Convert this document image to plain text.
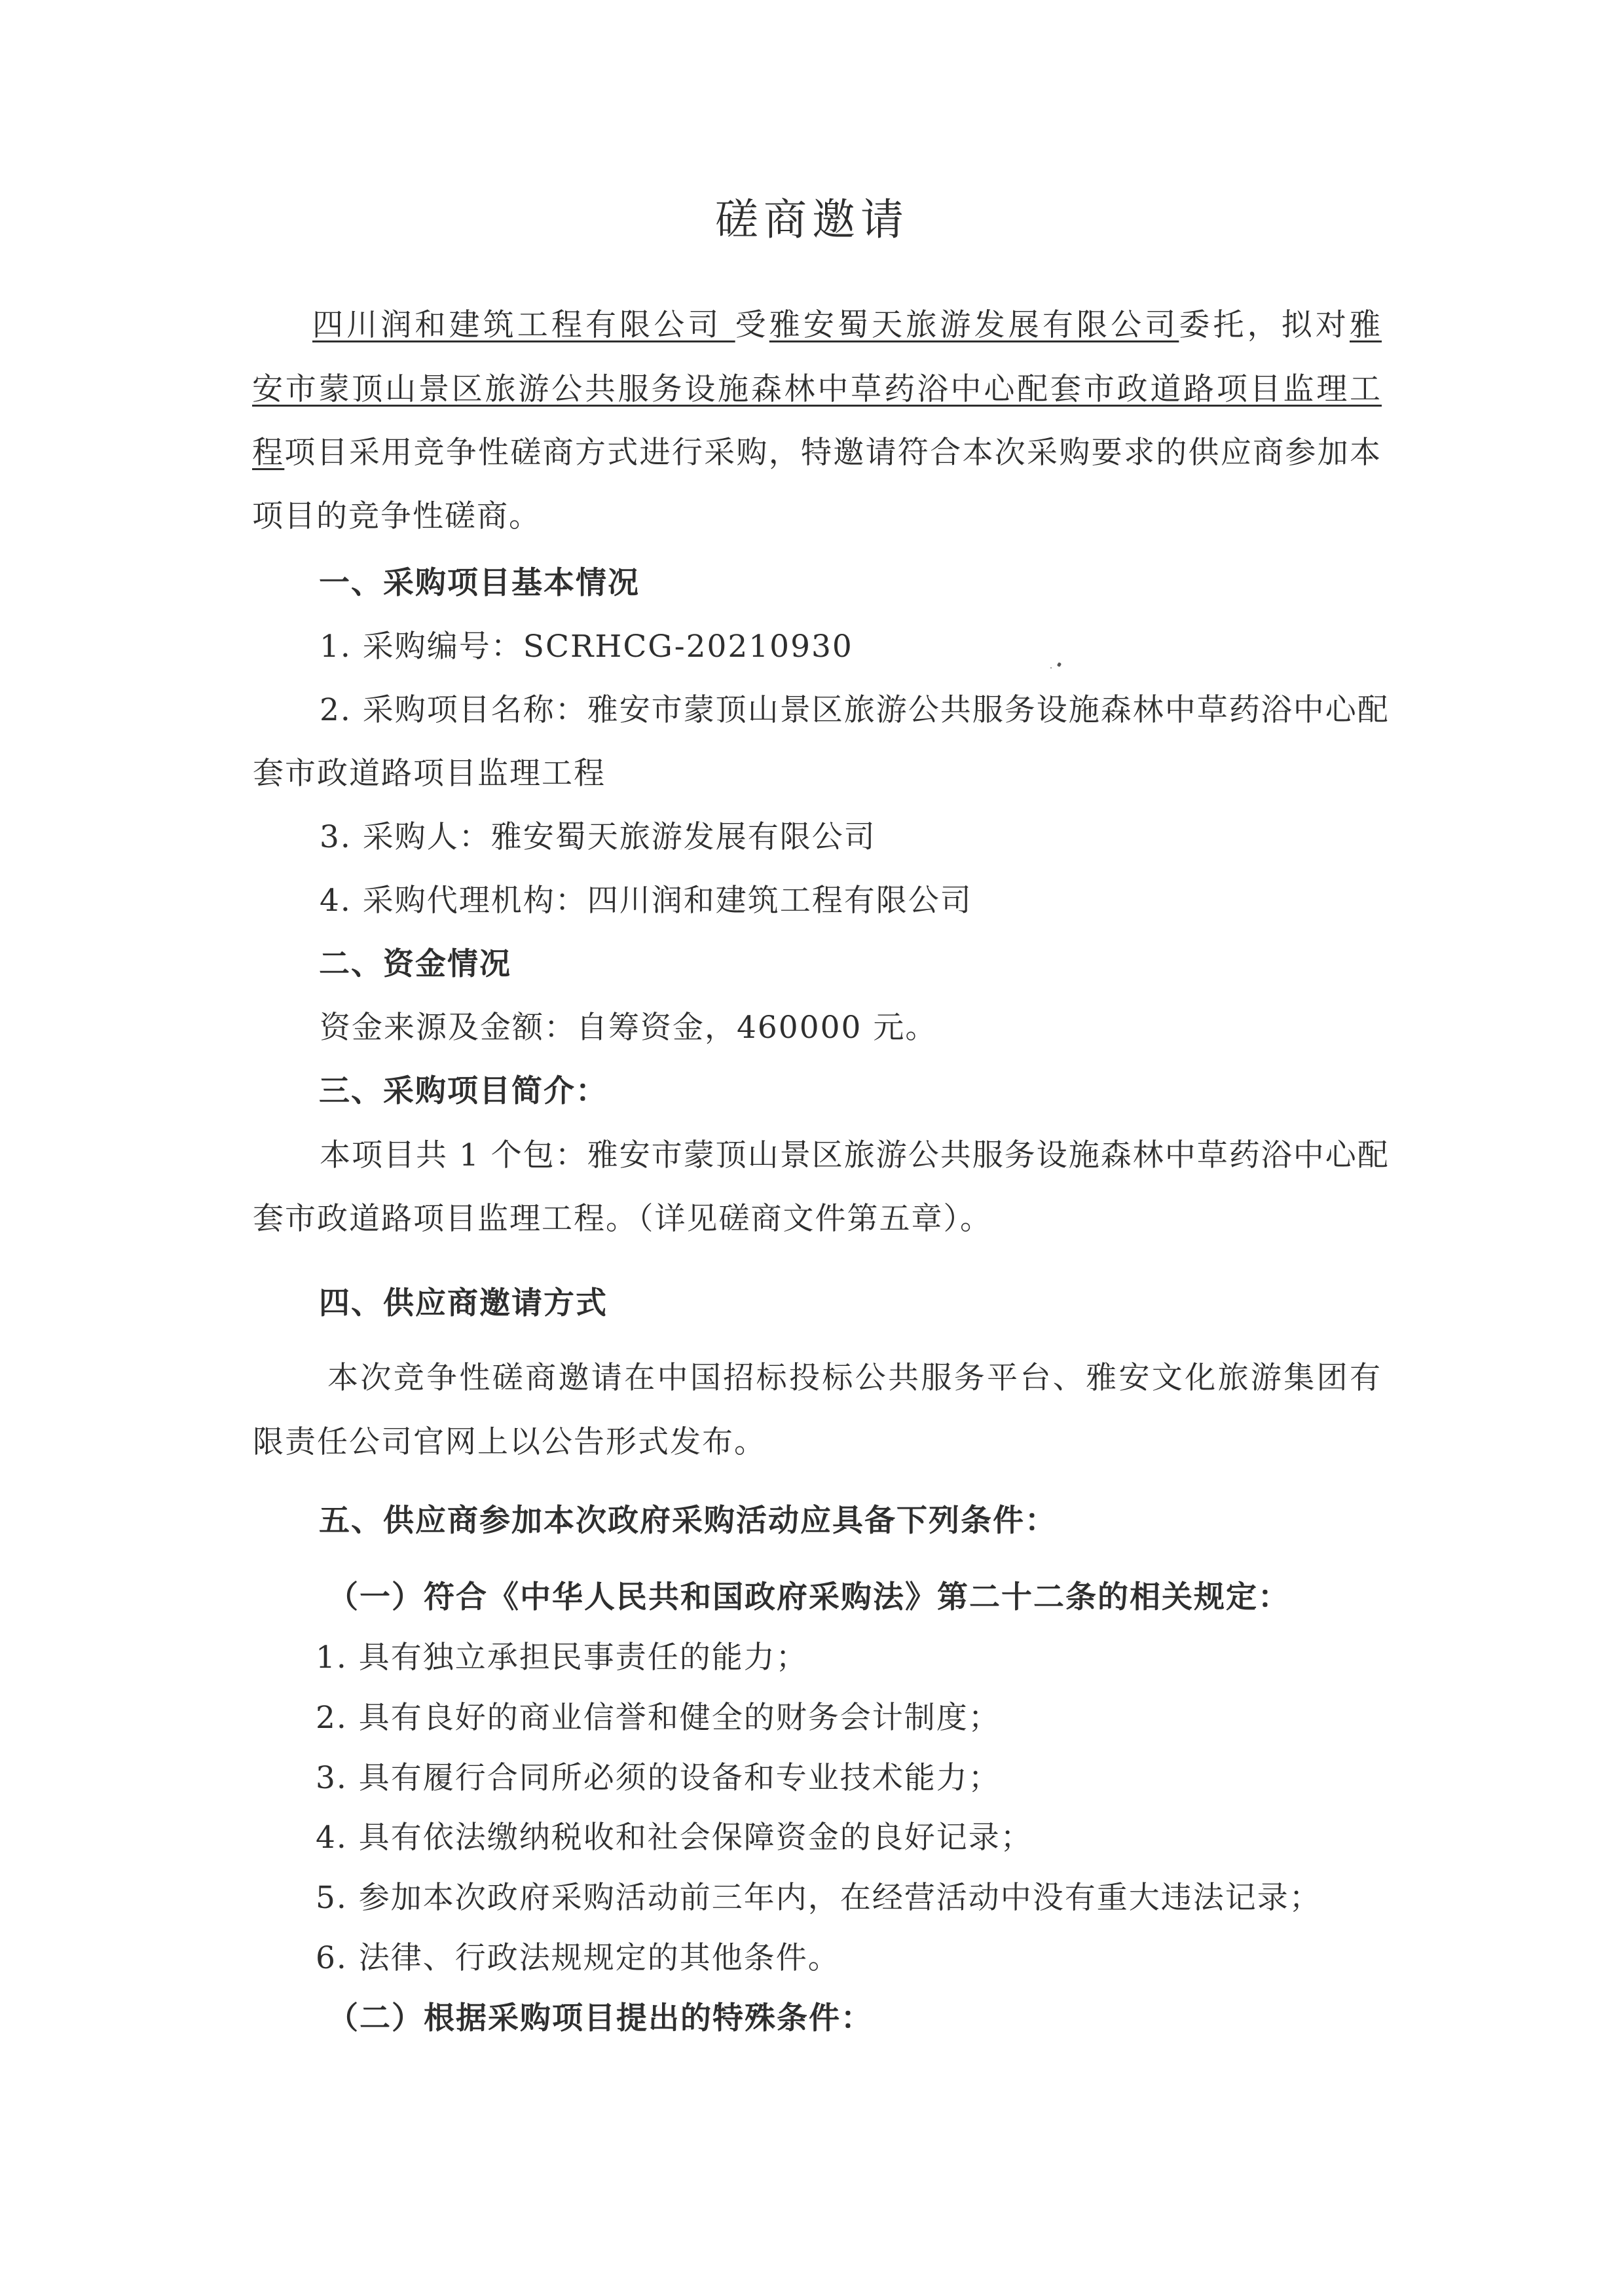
磋商邀请
四川润和建筑工程有限公司 受雅安蜀天旅游发展有限公司委托，拟对雅
安市蒙顶山景区旅游公共服务设施森林中草药浴中心配套市政道路项目监理工
程项目采用竞争性磋商方式进行采购，特邀请符合本次采购要求的供应商参加本
项目的竞争性磋商。
一、采购项目基本情况
1. 采购编号：SCRHCG-20210930
2. 采购项目名称：雅安市蒙顶山景区旅游公共服务设施森林中草药浴中心配
套市政道路项目监理工程
3. 采购人：雅安蜀天旅游发展有限公司
4. 采购代理机构：四川润和建筑工程有限公司
二、资金情况
资金来源及金额：自筹资金，460000 元。
三、采购项目简介：
本项目共 1 个包：雅安市蒙顶山景区旅游公共服务设施森林中草药浴中心配
套市政道路项目监理工程。（详见磋商文件第五章）。
四、供应商邀请方式
本次竞争性磋商邀请在中国招标投标公共服务平台、雅安文化旅游集团有
限责任公司官网上以公告形式发布。
五、供应商参加本次政府采购活动应具备下列条件：
（一）符合《中华人民共和国政府采购法》第二十二条的相关规定：
1. 具有独立承担民事责任的能力；
2. 具有良好的商业信誉和健全的财务会计制度；
3. 具有履行合同所必须的设备和专业技术能力；
4. 具有依法缴纳税收和社会保障资金的良好记录；
5. 参加本次政府采购活动前三年内，在经营活动中没有重大违法记录；
6. 法律、行政法规规定的其他条件。
（二）根据采购项目提出的特殊条件：
